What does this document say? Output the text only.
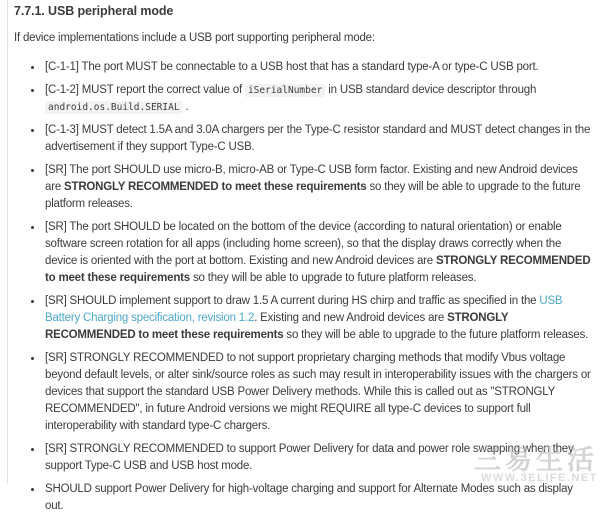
7.7.1. USB peripheral mode

If device implementations include a USB port supporting peripheral mode:

• [C-1-1] The port MUST be connectable to a USB host that has a standard type-A or type-C USB port.
• [C-1-2] MUST report the correct value of iSerialNumber in USB standard device descriptor through android.os.Build.SERIAL .
• [C-1-3] MUST detect 1.5A and 3.0A chargers per the Type-C resistor standard and MUST detect changes in the advertisement if they support Type-C USB.
• [SR] The port SHOULD use micro-B, micro-AB or Type-C USB form factor. Existing and new Android devices are STRONGLY RECOMMENDED to meet these requirements so they will be able to upgrade to the future platform releases.
• [SR] The port SHOULD be located on the bottom of the device (according to natural orientation) or enable software screen rotation for all apps (including home screen), so that the display draws correctly when the device is oriented with the port at bottom. Existing and new Android devices are STRONGLY RECOMMENDED to meet these requirements so they will be able to upgrade to future platform releases.
• [SR] SHOULD implement support to draw 1.5 A current during HS chirp and traffic as specified in the USB Battery Charging specification, revision 1.2. Existing and new Android devices are STRONGLY RECOMMENDED to meet these requirements so they will be able to upgrade to the future platform releases.
• [SR] STRONGLY RECOMMENDED to not support proprietary charging methods that modify Vbus voltage beyond default levels, or alter sink/source roles as such may result in interoperability issues with the chargers or devices that support the standard USB Power Delivery methods. While this is called out as "STRONGLY RECOMMENDED", in future Android versions we might REQUIRE all type-C devices to support full interoperability with standard type-C chargers.
• [SR] STRONGLY RECOMMENDED to support Power Delivery for data and power role swapping when they support Type-C USB and USB host mode.
• SHOULD support Power Delivery for high-voltage charging and support for Alternate Modes such as display out.
三易生活
WWW.3ELIFE.NET
